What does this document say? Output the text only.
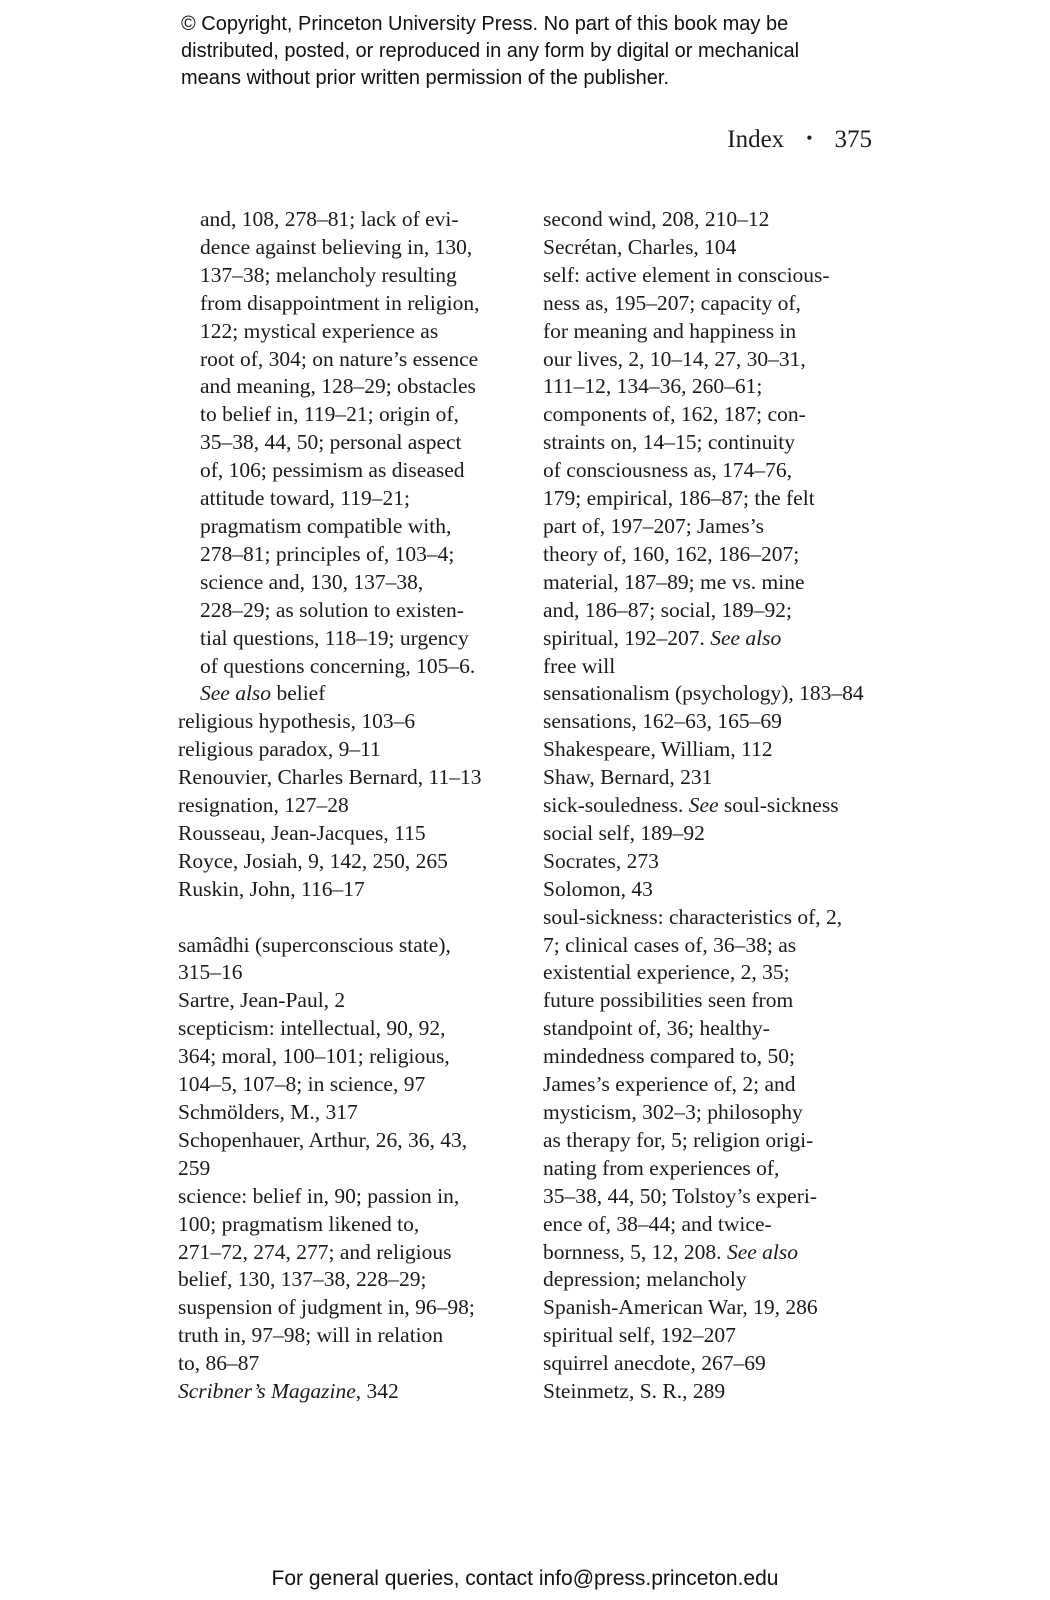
© Copyright, Princeton University Press. No part of this book may be
distributed, posted, or reproduced in any form by digital or mechanical
means without prior written permission of the publisher.
Index • 375
and, 108, 278–81; lack of evi-
dence against believing in, 130,
137–38; melancholy resulting
from disappointment in religion,
122; mystical experience as
root of, 304; on nature’s essence
and meaning, 128–29; obstacles
to belief in, 119–21; origin of,
35–38, 44, 50; personal aspect
of, 106; pessimism as diseased
attitude toward, 119–21;
pragmatism compatible with,
278–81; principles of, 103–4;
science and, 130, 137–38,
228–29; as solution to existen-
tial questions, 118–19; urgency
of questions concerning, 105–6.
See also belief
religious hypothesis, 103–6
religious paradox, 9–11
Renouvier, Charles Bernard, 11–13
resignation, 127–28
Rousseau, Jean-Jacques, 115
Royce, Josiah, 9, 142, 250, 265
Ruskin, John, 116–17
samâdhi (superconscious state),
315–16
Sartre, Jean-Paul, 2
scepticism: intellectual, 90, 92,
364; moral, 100–101; religious,
104–5, 107–8; in science, 97
Schmölders, M., 317
Schopenhauer, Arthur, 26, 36, 43,
259
science: belief in, 90; passion in,
100; pragmatism likened to,
271–72, 274, 277; and religious
belief, 130, 137–38, 228–29;
suspension of judgment in, 96–98;
truth in, 97–98; will in relation
to, 86–87
Scribner’s Magazine, 342
second wind, 208, 210–12
Secrétan, Charles, 104
self: active element in conscious-
ness as, 195–207; capacity of,
for meaning and happiness in
our lives, 2, 10–14, 27, 30–31,
111–12, 134–36, 260–61;
components of, 162, 187; con-
straints on, 14–15; continuity
of consciousness as, 174–76,
179; empirical, 186–87; the felt
part of, 197–207; James’s
theory of, 160, 162, 186–207;
material, 187–89; me vs. mine
and, 186–87; social, 189–92;
spiritual, 192–207. See also
free will
sensationalism (psychology), 183–84
sensations, 162–63, 165–69
Shakespeare, William, 112
Shaw, Bernard, 231
sick-souledness. See soul-sickness
social self, 189–92
Socrates, 273
Solomon, 43
soul-sickness: characteristics of, 2,
7; clinical cases of, 36–38; as
existential experience, 2, 35;
future possibilities seen from
standpoint of, 36; healthy-
mindedness compared to, 50;
James’s experience of, 2; and
mysticism, 302–3; philosophy
as therapy for, 5; religion origi-
nating from experiences of,
35–38, 44, 50; Tolstoy’s experi-
ence of, 38–44; and twice-
bornness, 5, 12, 208. See also
depression; melancholy
Spanish-American War, 19, 286
spiritual self, 192–207
squirrel anecdote, 267–69
Steinmetz, S. R., 289
For general queries, contact info@press.princeton.edu
